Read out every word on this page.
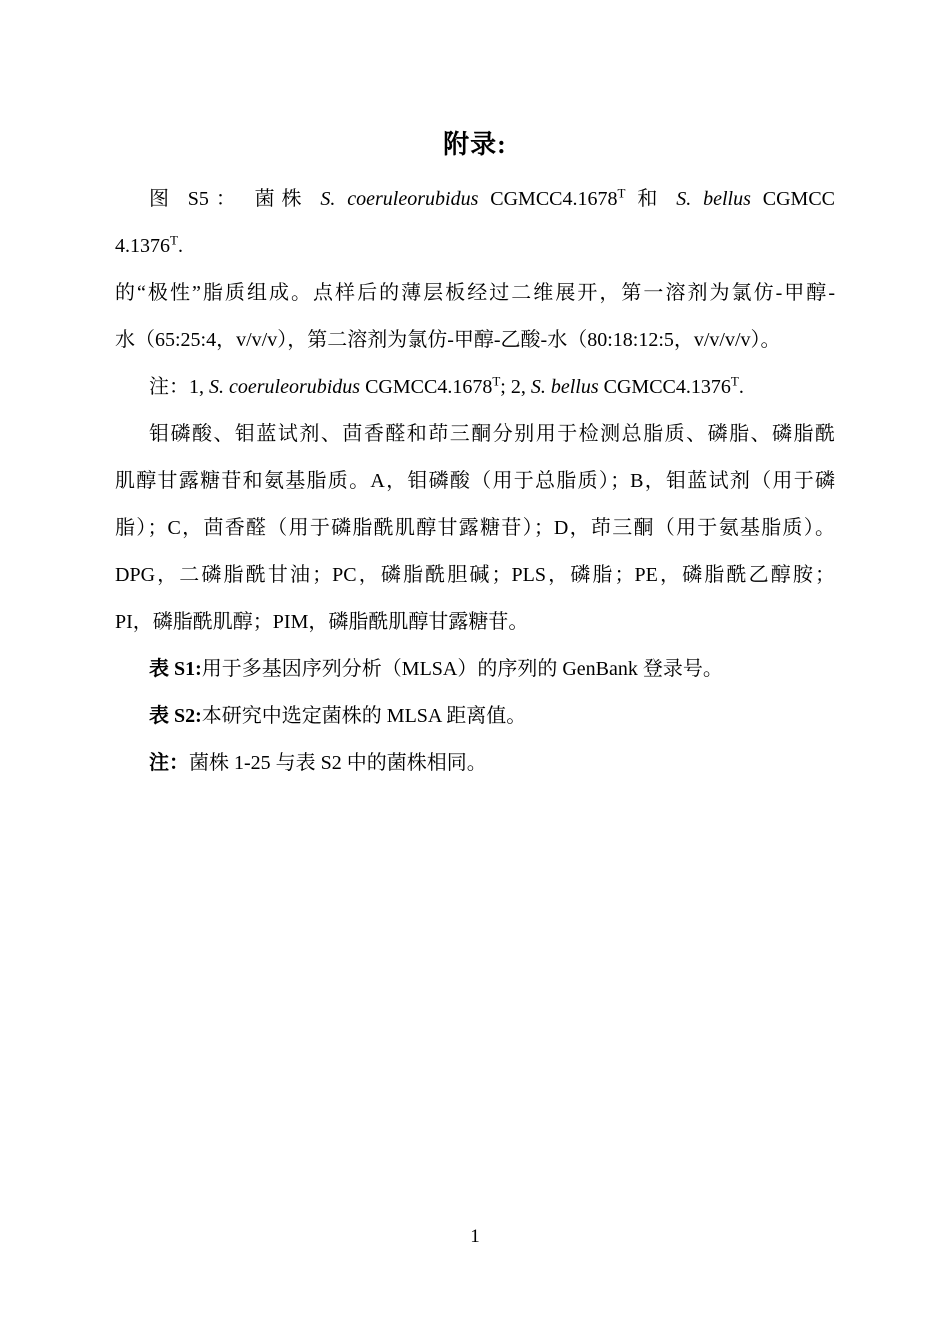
附录:

图 S5： 菌株 S. coeruleorubidus $CGMCC4.1678^T$ 和 S. bellus CGMCC

$4.1376^T$.

的“极性”脂质组成。点样后的薄层板经过二维展开，第一溶剂为氯仿-甲醇-

水（65:25:4，v/v/v），第二溶剂为氯仿-甲醇-乙酸-水（80:18:12:5，v/v/v/v）。

注：1, S. coeruleorubidus $CGMCC4.1678^T$; 2, S. bellus $CGMCC4.1376^T$.

钼磷酸、钼蓝试剂、茴香醛和茚三酮分别用于检测总脂质、磷脂、磷脂酰

肌醇甘露糖苷和氨基脂质。A，钼磷酸（用于总脂质）；B，钼蓝试剂（用于磷

脂）；C，茴香醛（用于磷脂酰肌醇甘露糖苷）；D，茚三酮（用于氨基脂质）。

DPG，二磷脂酰甘油；PC，磷脂酰胆碱；PLS，磷脂；PE，磷脂酰乙醇胺；

PI，磷脂酰肌醇；PIM，磷脂酰肌醇甘露糖苷。

表 S1:用于多基因序列分析（MLSA）的序列的 GenBank 登录号。

表 S2:本研究中选定菌株的 MLSA 距离值。

注：菌株 1-25 与表 S2 中的菌株相同。

1
